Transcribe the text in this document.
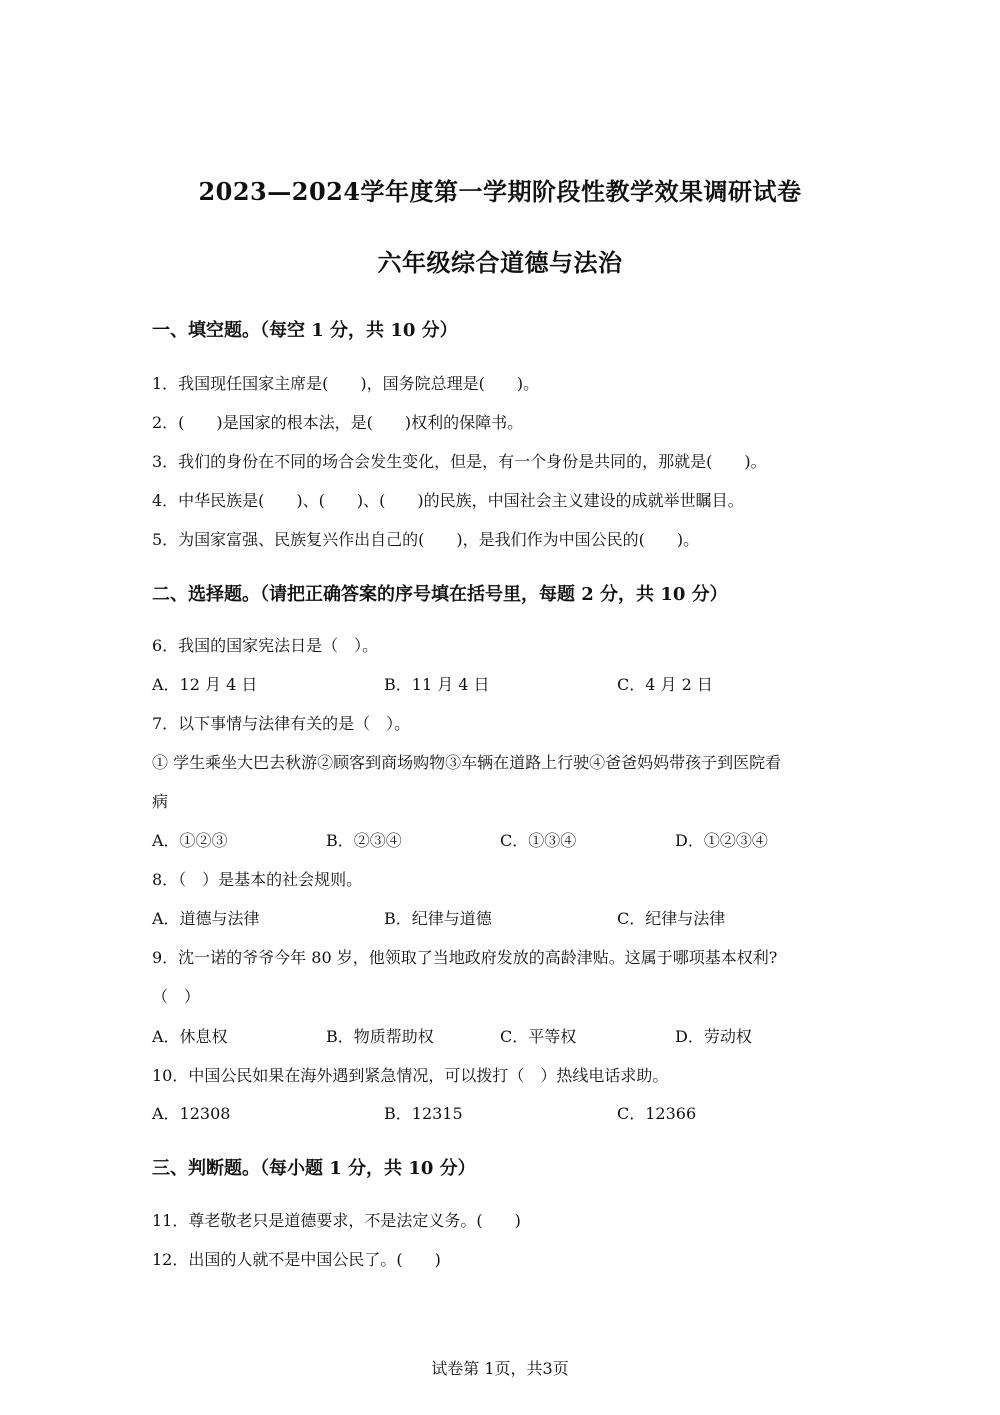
2023—2024学年度第一学期阶段性教学效果调研试卷
六年级综合道德与法治
一、填空题。（每空 1 分，共 10 分）
1．我国现任国家主席是(　　)，国务院总理是(　　)。
2．(　　)是国家的根本法，是(　　)权利的保障书。
3．我们的身份在不同的场合会发生变化，但是，有一个身份是共同的，那就是(　　)。
4．中华民族是(　　)、(　　)、(　　)的民族，中国社会主义建设的成就举世瞩目。
5．为国家富强、民族复兴作出自己的(　　)，是我们作为中国公民的(　　)。
二、选择题。（请把正确答案的序号填在括号里，每题 2 分，共 10 分）
6．我国的国家宪法日是（　）。
A．12 月 4 日	B．11 月 4 日	C．4 月 2 日
7．以下事情与法律有关的是（　）。
① 学生乘坐大巴去秋游②顾客到商场购物③车辆在道路上行驶④爸爸妈妈带孩子到医院看
病
A．①②③	B．②③④	C．①③④	D．①②③④
8．（　）是基本的社会规则。
A．道德与法律	B．纪律与道德	C．纪律与法律
9．沈一诺的爷爷今年 80 岁，他领取了当地政府发放的高龄津贴。这属于哪项基本权利?
（　）
A．休息权	B．物质帮助权	C．平等权	D．劳动权
10．中国公民如果在海外遇到紧急情况，可以拨打（　）热线电话求助。
A．12308	B．12315	C．12366
三、判断题。（每小题 1 分，共 10 分）
11．尊老敬老只是道德要求，不是法定义务。(　　)
12．出国的人就不是中国公民了。(　　)
试卷第 1页，共3页
